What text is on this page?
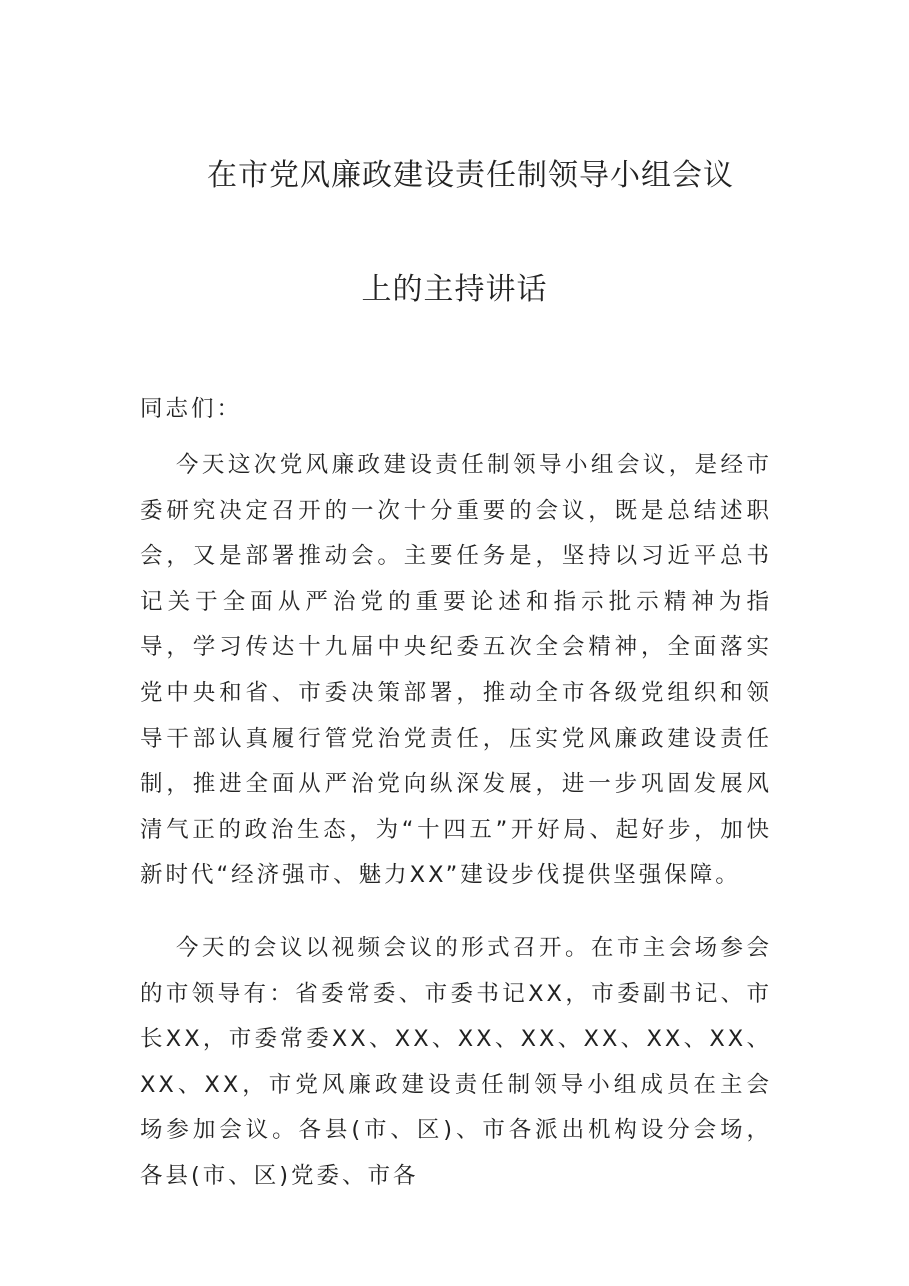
在市党风廉政建设责任制领导小组会议
上的主持讲话
同志们：
今天这次党风廉政建设责任制领导小组会议，是经市委研究决定召开的一次十分重要的会议，既是总结述职会，又是部署推动会。主要任务是，坚持以习近平总书记关于全面从严治党的重要论述和指示批示精神为指导，学习传达十九届中央纪委五次全会精神，全面落实党中央和省、市委决策部署，推动全市各级党组织和领导干部认真履行管党治党责任，压实党风廉政建设责任制，推进全面从严治党向纵深发展，进一步巩固发展风清气正的政治生态，为“十四五”开好局、起好步，加快新时代“经济强市、魅力XX”建设步伐提供坚强保障。
今天的会议以视频会议的形式召开。在市主会场参会的市领导有：省委常委、市委书记XX，市委副书记、市长XX，市委常委XX、XX、XX、XX、XX、XX、XX、XX、XX，市党风廉政建设责任制领导小组成员在主会场参加会议。各县(市、区)、市各派出机构设分会场，各县(市、区)党委、市各
